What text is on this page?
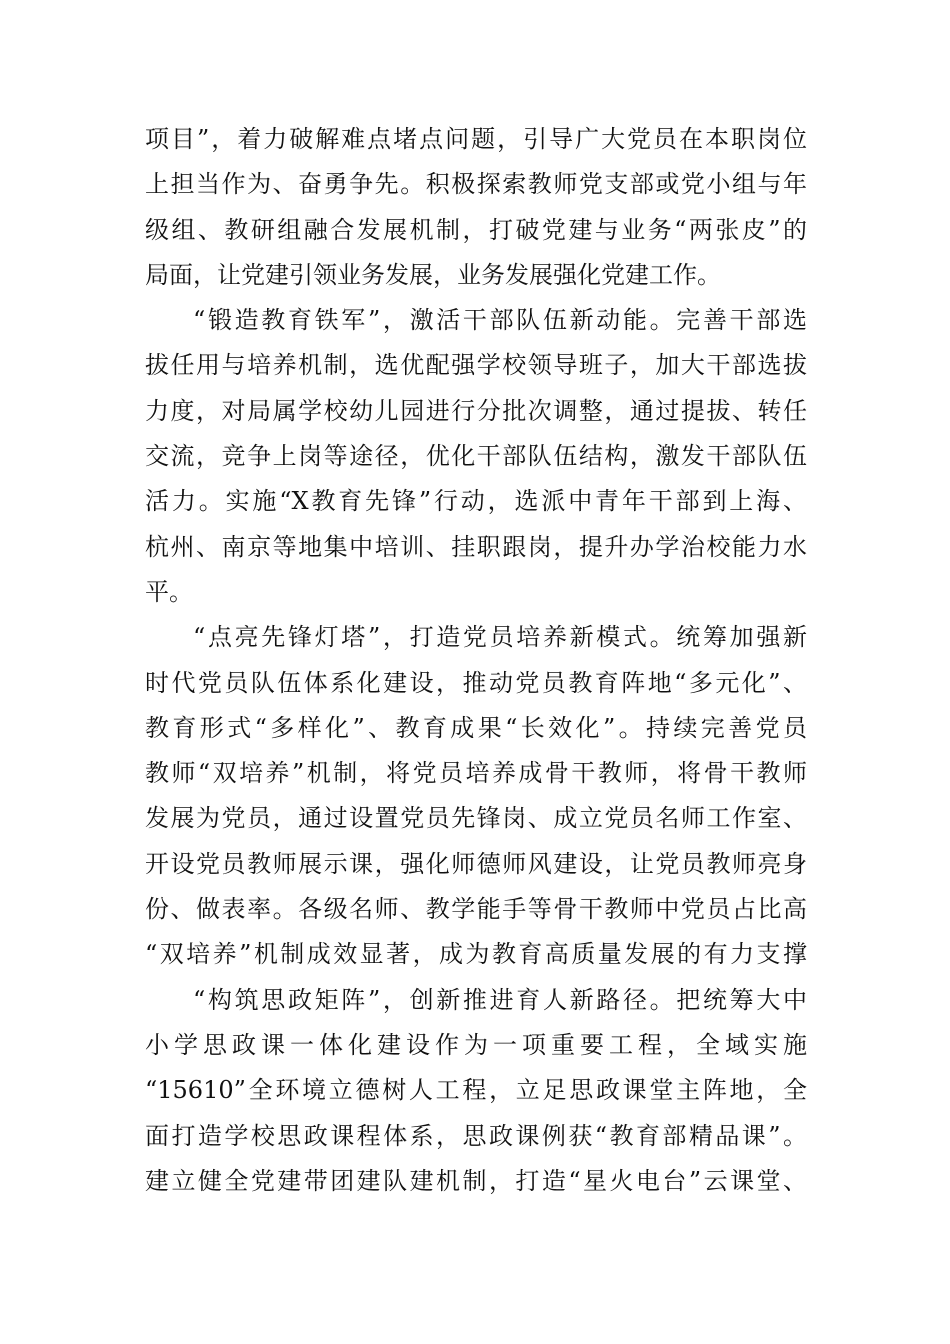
项目”，着力破解难点堵点问题，引导广大党员在本职岗位
上担当作为、奋勇争先。积极探索教师党支部或党小组与年
级组、教研组融合发展机制，打破党建与业务“两张皮”的
局面，让党建引领业务发展，业务发展强化党建工作。
“锻造教育铁军”，激活干部队伍新动能。完善干部选
拔任用与培养机制，选优配强学校领导班子，加大干部选拔
力度，对局属学校幼儿园进行分批次调整，通过提拔、转任
交流，竞争上岗等途径，优化干部队伍结构，激发干部队伍
活力。实施“X教育先锋”行动，选派中青年干部到上海、
杭州、南京等地集中培训、挂职跟岗，提升办学治校能力水
平。
“点亮先锋灯塔”，打造党员培养新模式。统筹加强新
时代党员队伍体系化建设，推动党员教育阵地“多元化”、
教育形式“多样化”、教育成果“长效化”。持续完善党员
教师“双培养”机制，将党员培养成骨干教师，将骨干教师
发展为党员，通过设置党员先锋岗、成立党员名师工作室、
开设党员教师展示课，强化师德师风建设，让党员教师亮身
份、做表率。各级名师、教学能手等骨干教师中党员占比高
“双培养”机制成效显著，成为教育高质量发展的有力支撑
“构筑思政矩阵”，创新推进育人新路径。把统筹大中
小学思政课一体化建设作为一项重要工程，全域实施
“15610”全环境立德树人工程，立足思政课堂主阵地，全
面打造学校思政课程体系，思政课例获“教育部精品课”。
建立健全党建带团建队建机制，打造“星火电台”云课堂、
